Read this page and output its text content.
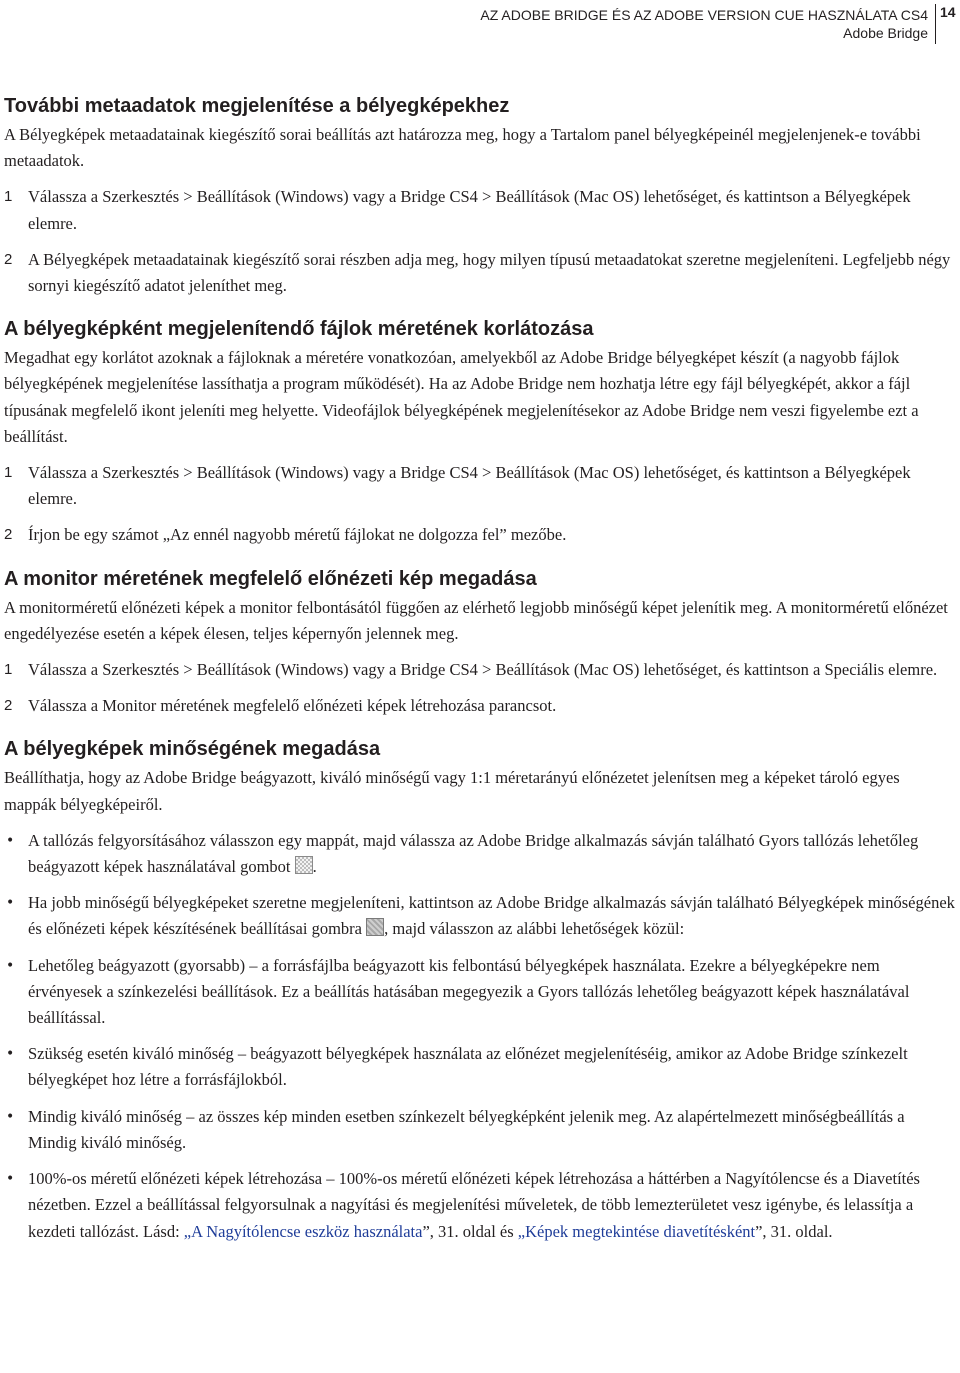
AZ ADOBE BRIDGE ÉS AZ ADOBE VERSION CUE HASZNÁLATA CS4
Adobe Bridge
14
További metaadatok megjelenítése a bélyegképekhez

A Bélyegképek metaadatainak kiegészítő sorai beállítás azt határozza meg, hogy a Tartalom panel bélyegképeinél megjelenjenek-e további metaadatok.

1 Válassza a Szerkesztés > Beállítások (Windows) vagy a Bridge CS4 > Beállítások (Mac OS) lehetőséget, és kattintson a Bélyegképek elemre.

2 A Bélyegképek metaadatainak kiegészítő sorai részben adja meg, hogy milyen típusú metaadatokat szeretne megjeleníteni. Legfeljebb négy sornyi kiegészítő adatot jeleníthet meg.

A bélyegképként megjelenítendő fájlok méretének korlátozása

Megadhat egy korlátot azoknak a fájloknak a méretére vonatkozóan, amelyekből az Adobe Bridge bélyegképet készít (a nagyobb fájlok bélyegképének megjelenítése lassíthatja a program működését). Ha az Adobe Bridge nem hozhatja létre egy fájl bélyegképét, akkor a fájl típusának megfelelő ikont jeleníti meg helyette. Videofájlok bélyegképének megjelenítésekor az Adobe Bridge nem veszi figyelembe ezt a beállítást.

1 Válassza a Szerkesztés > Beállítások (Windows) vagy a Bridge CS4 > Beállítások (Mac OS) lehetőséget, és kattintson a Bélyegképek elemre.

2 Írjon be egy számot „Az ennél nagyobb méretű fájlokat ne dolgozza fel” mezőbe.

A monitor méretének megfelelő előnézeti kép megadása

A monitorméretű előnézeti képek a monitor felbontásától függően az elérhető legjobb minőségű képet jelenítik meg. A monitorméretű előnézet engedélyezése esetén a képek élesen, teljes képernyőn jelennek meg.

1 Válassza a Szerkesztés > Beállítások (Windows) vagy a Bridge CS4 > Beállítások (Mac OS) lehetőséget, és kattintson a Speciális elemre.

2 Válassza a Monitor méretének megfelelő előnézeti képek létrehozása parancsot.

A bélyegképek minőségének megadása

Beállíthatja, hogy az Adobe Bridge beágyazott, kiváló minőségű vagy 1:1 méretarányú előnézetet jelenítsen meg a képeket tároló egyes mappák bélyegképeiről.

• A tallózás felgyorsításához válasszon egy mappát, majd válassza az Adobe Bridge alkalmazás sávján található Gyors tallózás lehetőleg beágyazott képek használatával gombot .

• Ha jobb minőségű bélyegképeket szeretne megjeleníteni, kattintson az Adobe Bridge alkalmazás sávján található Bélyegképek minőségének és előnézeti képek készítésének beállításai gombra , majd válasszon az alábbi lehetőségek közül:

• Lehetőleg beágyazott (gyorsabb) – a forrásfájlba beágyazott kis felbontású bélyegképek használata. Ezekre a bélyegképekre nem érvényesek a színkezelési beállítások. Ez a beállítás hatásában megegyezik a Gyors tallózás lehetőleg beágyazott képek használatával beállítással.

• Szükség esetén kiváló minőség – beágyazott bélyegképek használata az előnézet megjelenítéséig, amikor az Adobe Bridge színkezelt bélyegképet hoz létre a forrásfájlokból.

• Mindig kiváló minőség – az összes kép minden esetben színkezelt bélyegképként jelenik meg. Az alapértelmezett minőségbeállítás a Mindig kiváló minőség.

• 100%-os méretű előnézeti képek létrehozása – 100%-os méretű előnézeti képek létrehozása a háttérben a Nagyítólencse és a Diavetítés nézetben. Ezzel a beállítással felgyorsulnak a nagyítási és megjelenítési műveletek, de több lemezterületet vesz igénybe, és lelassítja a kezdeti tallózást. Lásd: „A Nagyítólencse eszköz használata”, 31. oldal és „Képek megtekintése diavetítésként”, 31. oldal.
